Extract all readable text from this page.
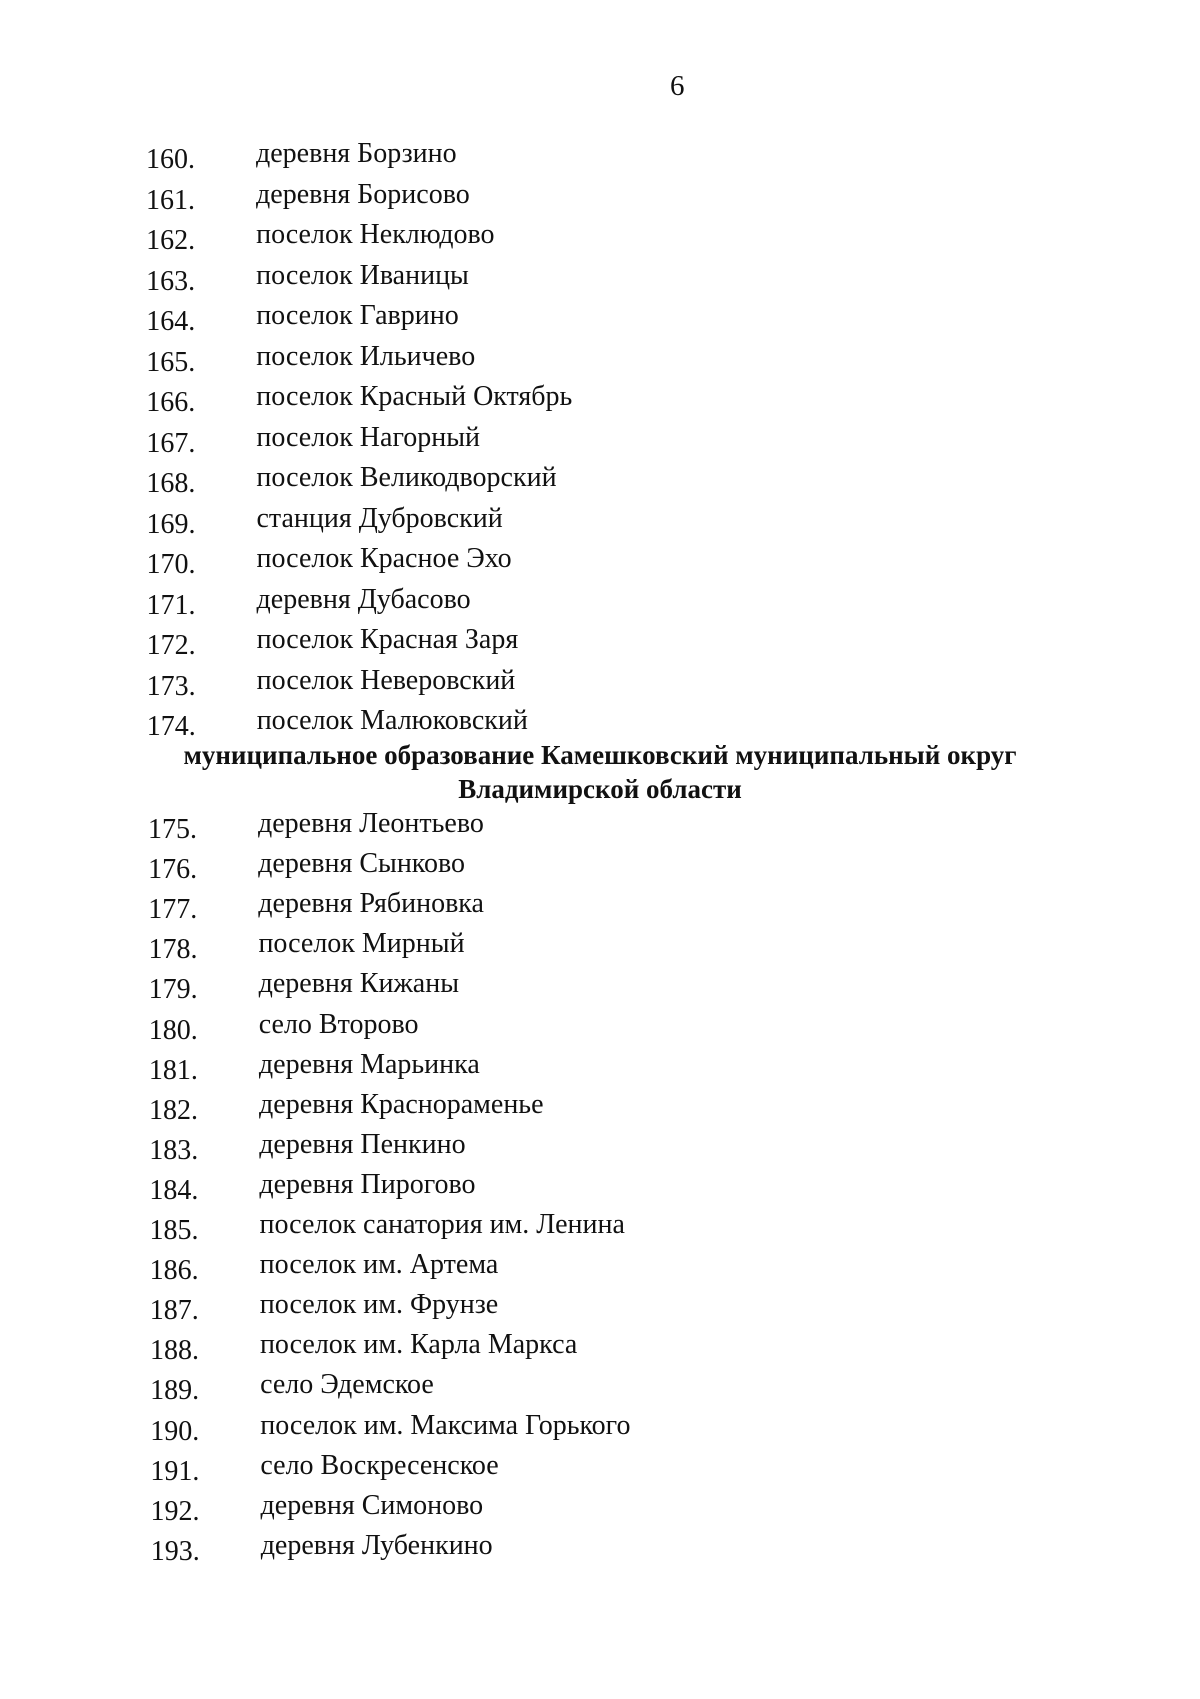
6
160. деревня Борзино
161. деревня Борисово
162. поселок Неклюдово
163. поселок Иваницы
164. поселок Гаврино
165. поселок Ильичево
166. поселок Красный Октябрь
167. поселок Нагорный
168. поселок Великодворский
169. станция Дубровский
170. поселок Красное Эхо
171. деревня Дубасово
172. поселок Красная Заря
173. поселок Неверовский
174. поселок Малюковский
175. деревня Леонтьево
176. деревня Сынково
177. деревня Рябиновка
178. поселок Мирный
179. деревня Кижаны
180. село Второво
181. деревня Марьинка
182. деревня Краснораменье
183. деревня Пенкино
184. деревня Пирогово
185. поселок санатория им. Ленина
186. поселок им. Артема
187. поселок им. Фрунзе
188. поселок им. Карла Маркса
189. село Эдемское
190. поселок им. Максима Горького
191. село Воскресенское
192. деревня Симоново
193. деревня Лубенкино
муниципальное образование Камешковский муниципальный округ
Владимирской области
